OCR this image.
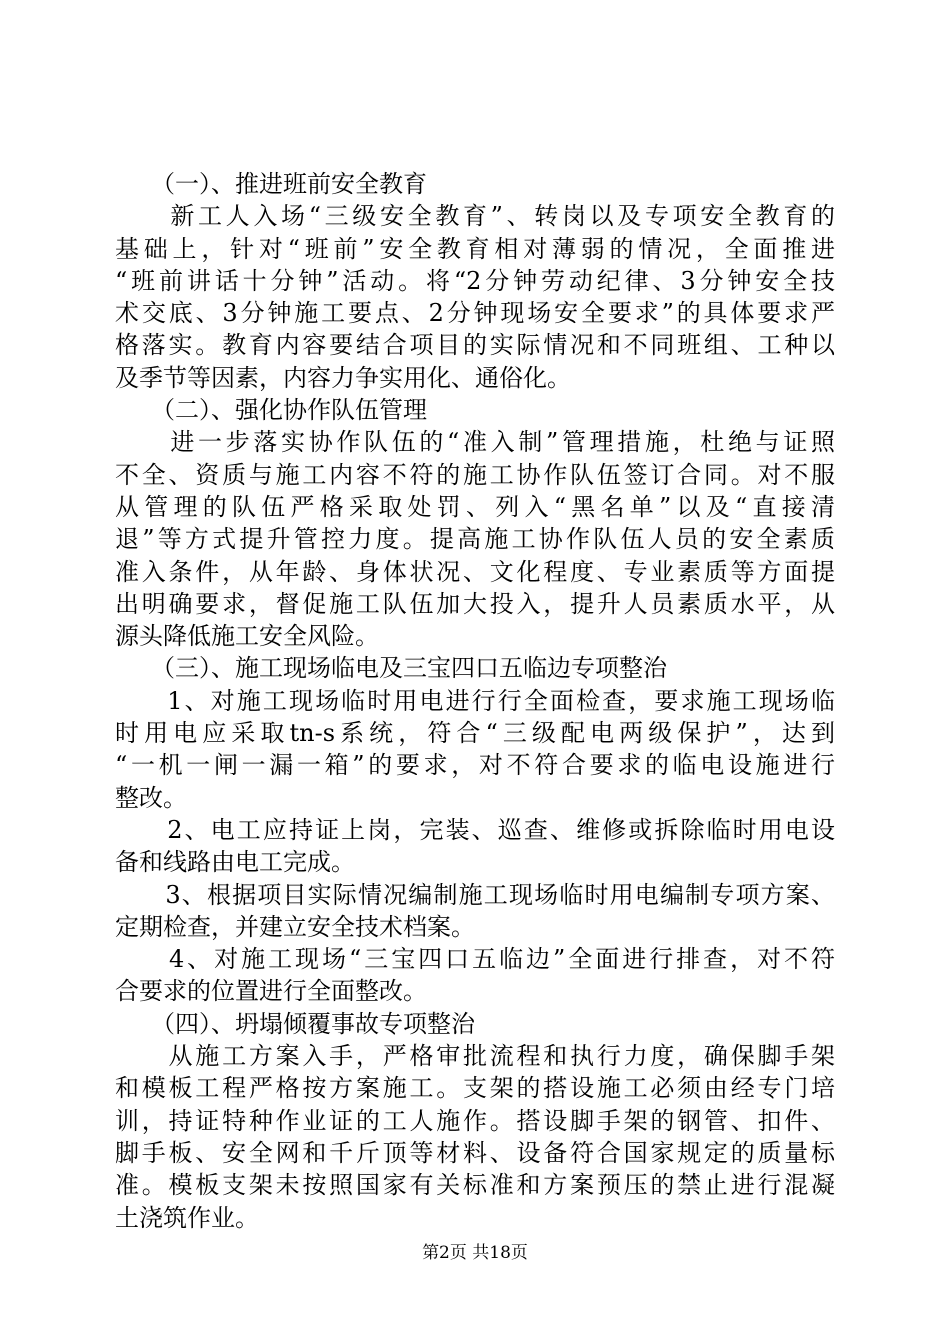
　　（一）、推进班前安全教育
　　新工人入场“三级安全教育”、转岗以及专项安全教育的
基础上，针对“班前”安全教育相对薄弱的情况，全面推进
“班前讲话十分钟”活动。将“2分钟劳动纪律、3分钟安全技
术交底、3分钟施工要点、2分钟现场安全要求”的具体要求严
格落实。教育内容要结合项目的实际情况和不同班组、工种以
及季节等因素，内容力争实用化、通俗化。
　　（二）、强化协作队伍管理
　　进一步落实协作队伍的“准入制”管理措施，杜绝与证照
不全、资质与施工内容不符的施工协作队伍签订合同。对不服
从管理的队伍严格采取处罚、列入“黑名单”以及“直接清
退”等方式提升管控力度。提高施工协作队伍人员的安全素质
准入条件，从年龄、身体状况、文化程度、专业素质等方面提
出明确要求，督促施工队伍加大投入，提升人员素质水平，从
源头降低施工安全风险。
　　（三）、施工现场临电及三宝四口五临边专项整治
　　1、对施工现场临时用电进行行全面检查，要求施工现场临
时用电应采取tn-s系统，符合“三级配电两级保护”，达到
“一机一闸一漏一箱”的要求，对不符合要求的临电设施进行
整改。
　　2、电工应持证上岗，完装、巡查、维修或拆除临时用电设
备和线路由电工完成。
　　3、根据项目实际情况编制施工现场临时用电编制专项方案、
定期检查，并建立安全技术档案。
　　4、对施工现场“三宝四口五临边”全面进行排查，对不符
合要求的位置进行全面整改。
　　（四）、坍塌倾覆事故专项整治
　　从施工方案入手，严格审批流程和执行力度，确保脚手架
和模板工程严格按方案施工。支架的搭设施工必须由经专门培
训，持证特种作业证的工人施作。搭设脚手架的钢管、扣件、
脚手板、安全网和千斤顶等材料、设备符合国家规定的质量标
准。模板支架未按照国家有关标准和方案预压的禁止进行混凝
土浇筑作业。
第2页 共18页
